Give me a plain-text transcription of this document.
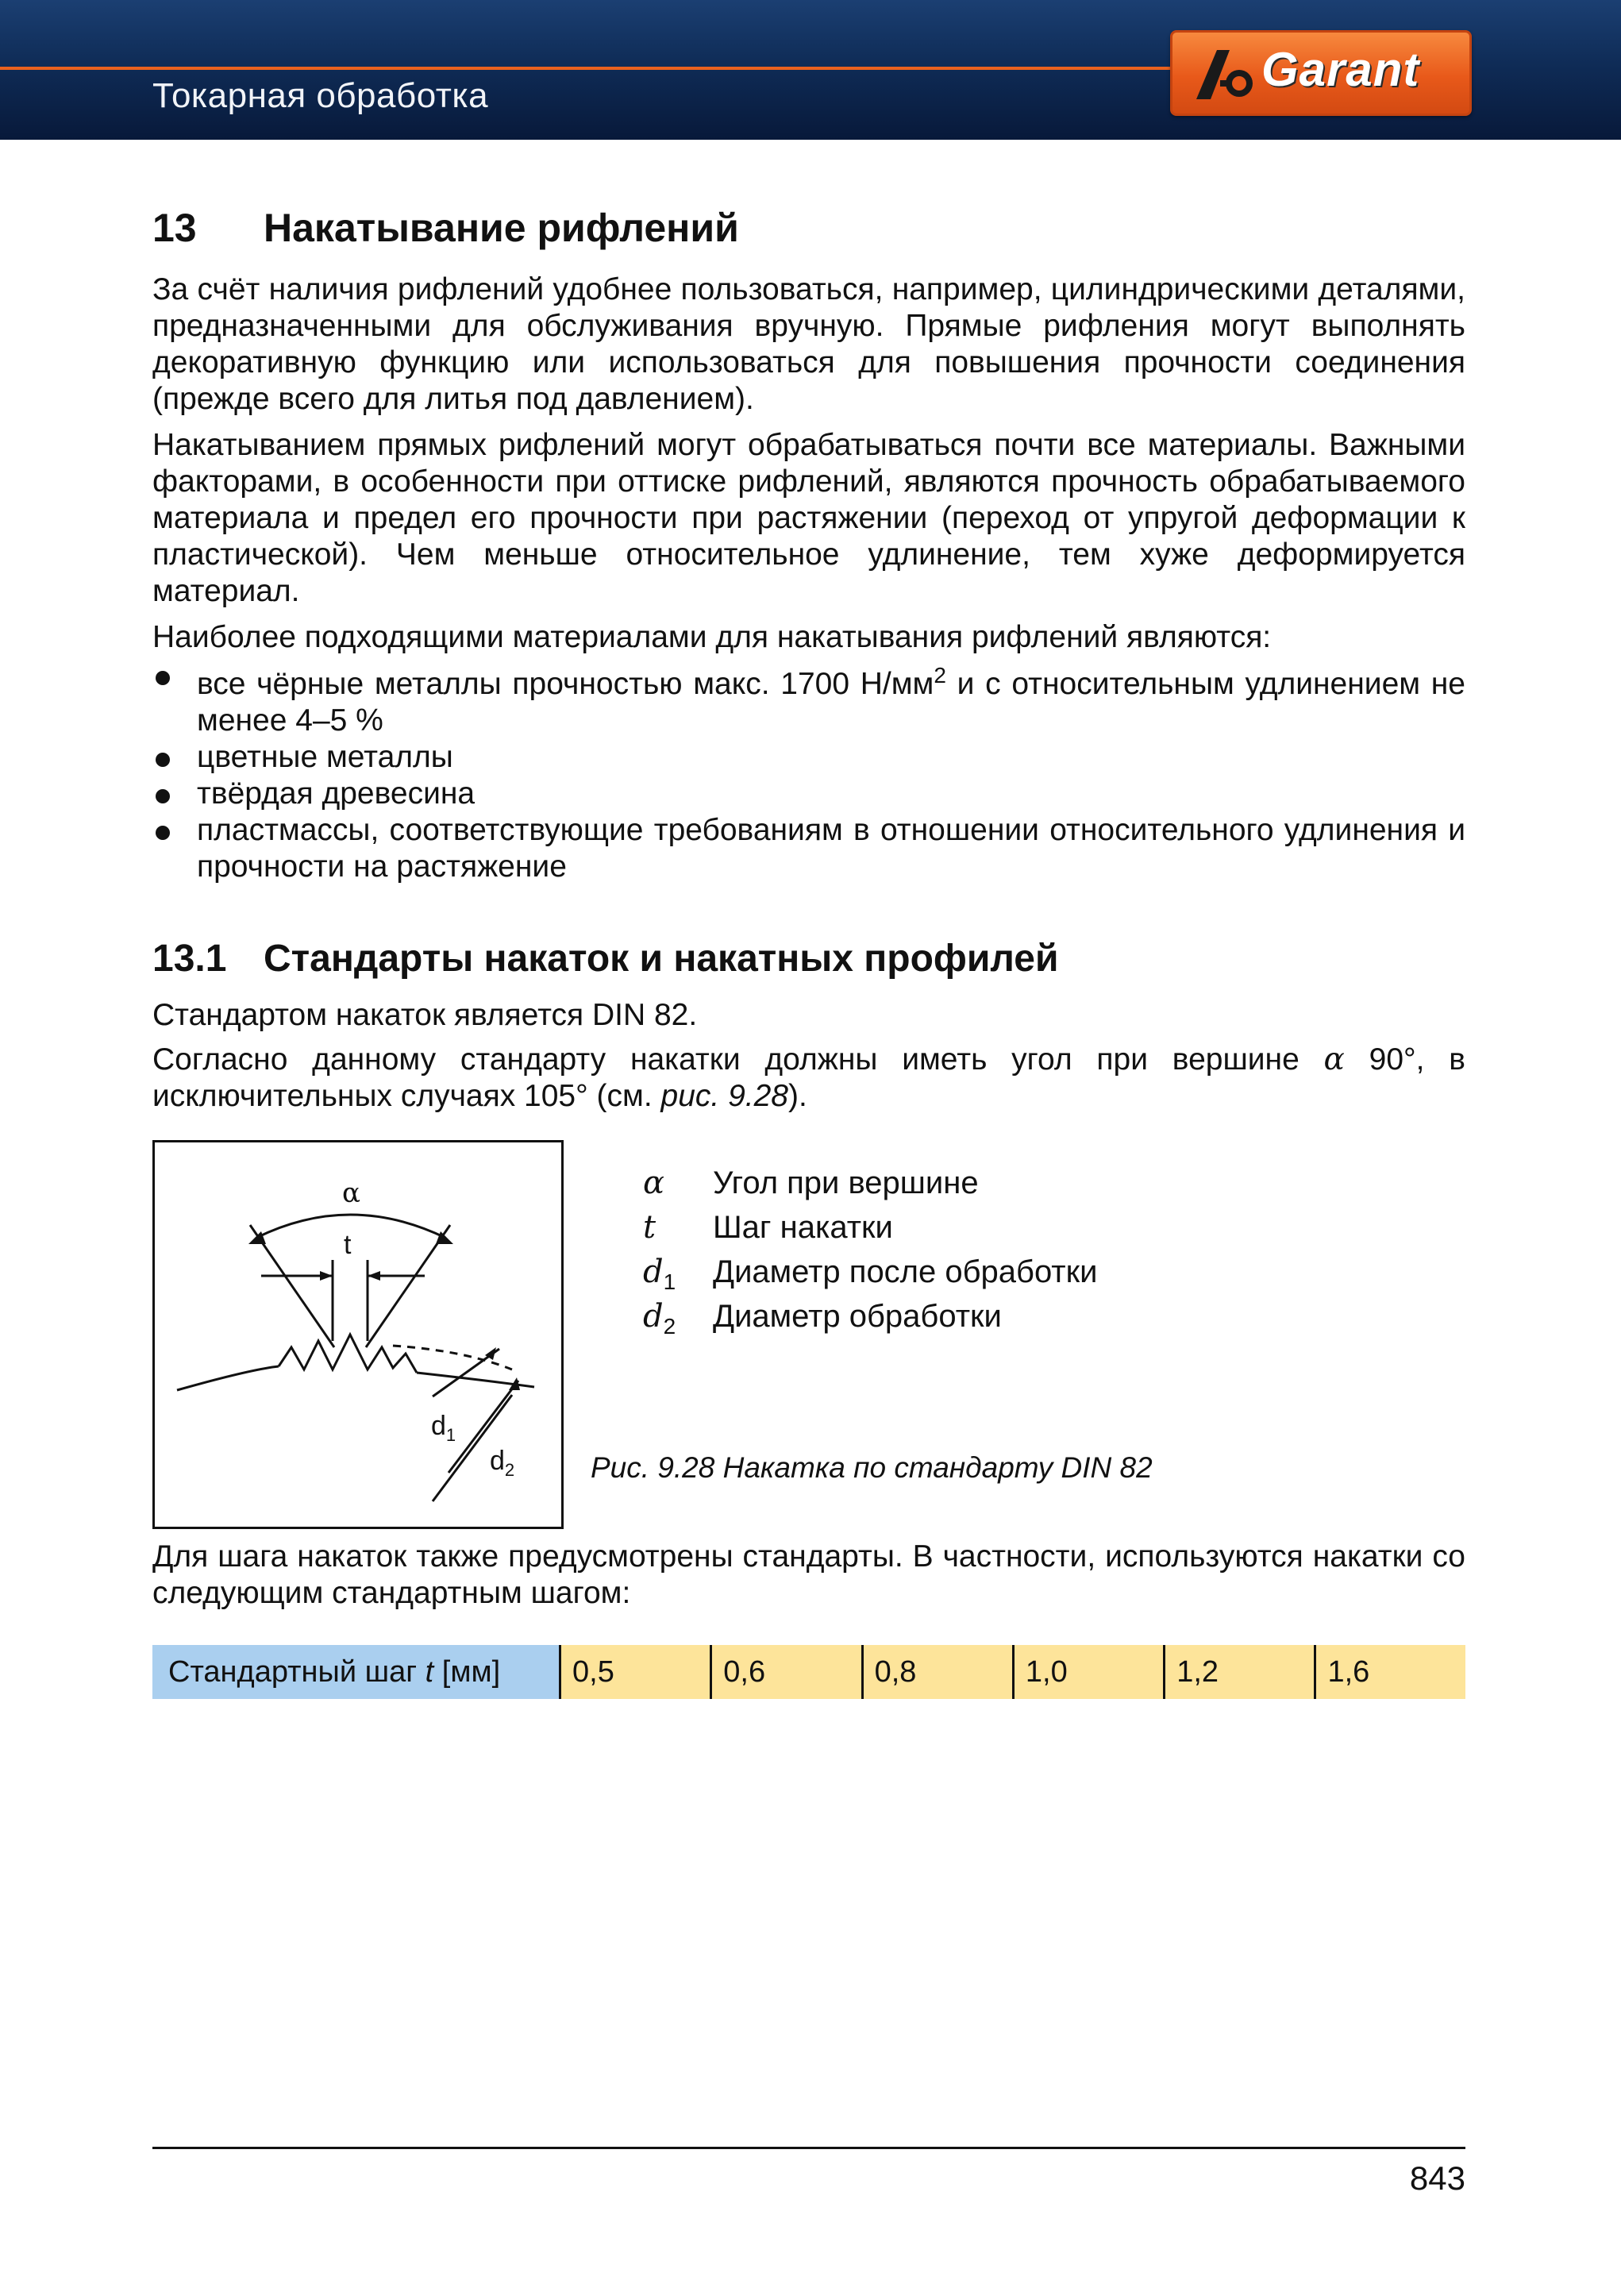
Токарная обработка	Garant
13 Накатывание рифлений
За счёт наличия рифлений удобнее пользоваться, например, цилиндрическими деталями, предназначенными для обслуживания вручную. Прямые рифления могут выполнять декоративную функцию или использоваться для повышения прочности соединения (прежде всего для литья под давлением).
Накатыванием прямых рифлений могут обрабатываться почти все материалы. Важными факторами, в особенности при оттиске рифлений, являются прочность обрабатываемого материала и предел его прочности при растяжении (переход от упругой деформации к пластической). Чем меньше относительное удлинение, тем хуже деформируется материал.
Наиболее подходящими материалами для накатывания рифлений являются:
все чёрные металлы прочностью макс. 1700 $Н/мм^2$ и с относительным удлинением не менее 4–5 %
цветные металлы
твёрдая древесина
пластмассы, соответствующие требованиям в отношении относительного удлинения и прочности на растяжение
13.1 Стандарты накаток и накатных профилей
Стандартом накаток является DIN 82.
Согласно данному стандарту накатки должны иметь угол при вершине α 90°, в исключительных случаях 105° (см. рис. 9.28).
α
t
$d_1$
$d_2$
α Угол при вершине
t Шаг накатки
$d_1$ Диаметр после обработки
$d_2$ Диаметр обработки
Рис. 9.28 Накатка по стандарту DIN 82
Для шага накаток также предусмотрены стандарты. В частности, используются накатки со следующим стандартным шагом:
Стандартный шаг t [мм]	0,5	0,6	0,8	1,0	1,2	1,6
843
